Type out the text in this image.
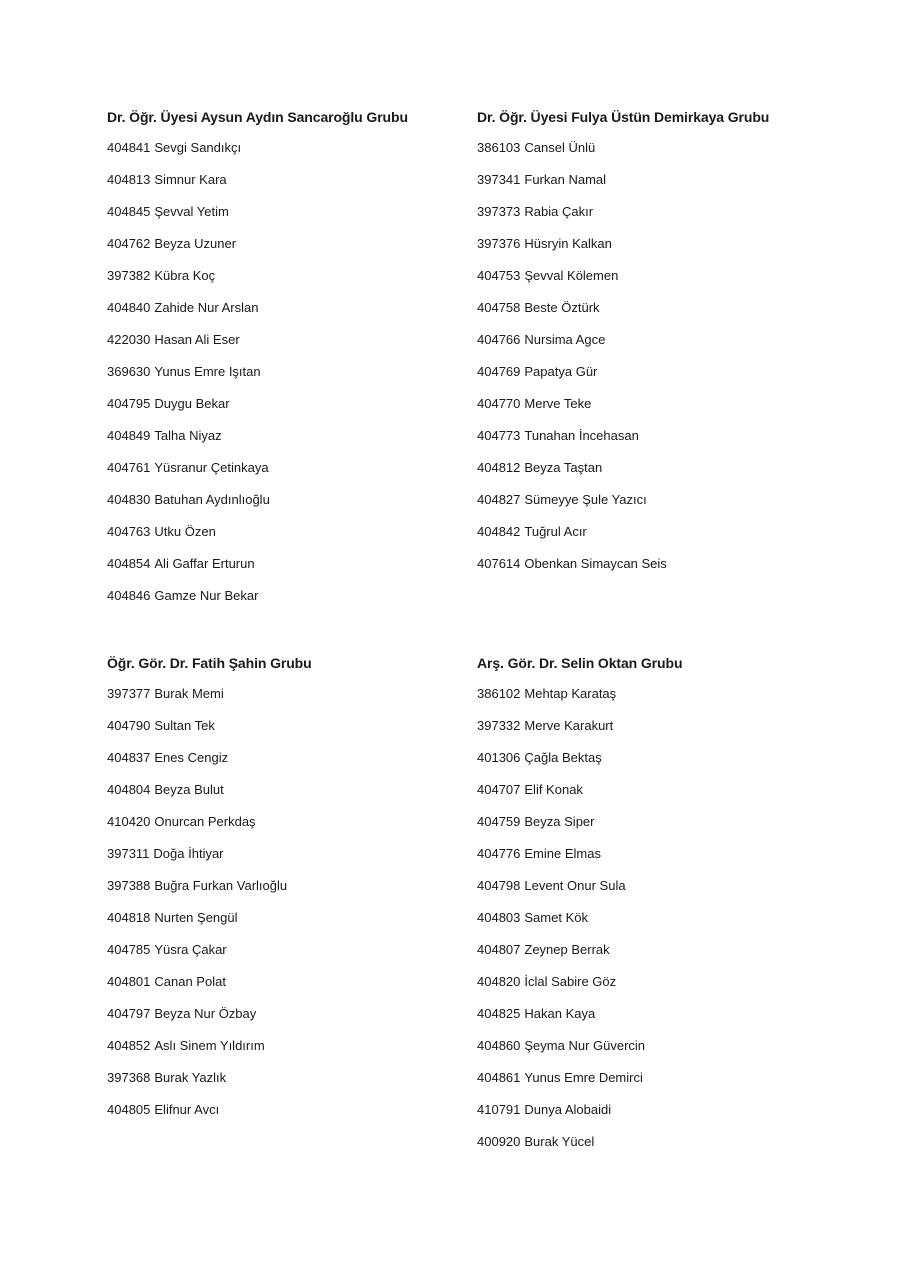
Dr. Öğr. Üyesi Aysun Aydın Sancaroğlu Grubu
404841 Sevgi Sandıkçı
404813 Simnur Kara
404845 Şevval Yetim
404762 Beyza Uzuner
397382 Kübra Koç
404840 Zahide Nur Arslan
422030 Hasan Ali Eser
369630 Yunus Emre Işıtan
404795 Duygu Bekar
404849 Talha Niyaz
404761 Yüsranur Çetinkaya
404830 Batuhan Aydınlıoğlu
404763 Utku Özen
404854 Ali Gaffar Erturun
404846 Gamze Nur Bekar
Dr. Öğr. Üyesi Fulya Üstün Demirkaya Grubu
386103 Cansel Ünlü
397341 Furkan Namal
397373 Rabia Çakır
397376 Hüsryin Kalkan
404753 Şevval Kölemen
404758 Beste Öztürk
404766 Nursima Agce
404769 Papatya Gür
404770 Merve Teke
404773 Tunahan İncehasan
404812 Beyza Taştan
404827 Sümeyye Şule Yazıcı
404842 Tuğrul Acır
407614 Obenkan Simaycan Seis
Öğr. Gör. Dr. Fatih Şahin Grubu
397377 Burak Memi
404790 Sultan Tek
404837 Enes Cengiz
404804 Beyza Bulut
410420 Onurcan Perkdaş
397311 Doğa İhtiyar
397388 Buğra Furkan Varlıoğlu
404818 Nurten Şengül
404785 Yüsra Çakar
404801 Canan Polat
404797 Beyza Nur Özbay
404852 Aslı Sinem Yıldırım
397368 Burak Yazlık
404805 Elifnur Avcı
Arş. Gör. Dr. Selin Oktan Grubu
386102 Mehtap Karataş
397332 Merve Karakurt
401306 Çağla Bektaş
404707 Elif Konak
404759 Beyza Siper
404776 Emine Elmas
404798 Levent Onur Sula
404803 Samet Kök
404807 Zeynep Berrak
404820 İclal Sabire Göz
404825 Hakan Kaya
404860 Şeyma Nur Güvercin
404861 Yunus Emre Demirci
410791 Dunya Alobaidi
400920 Burak Yücel
